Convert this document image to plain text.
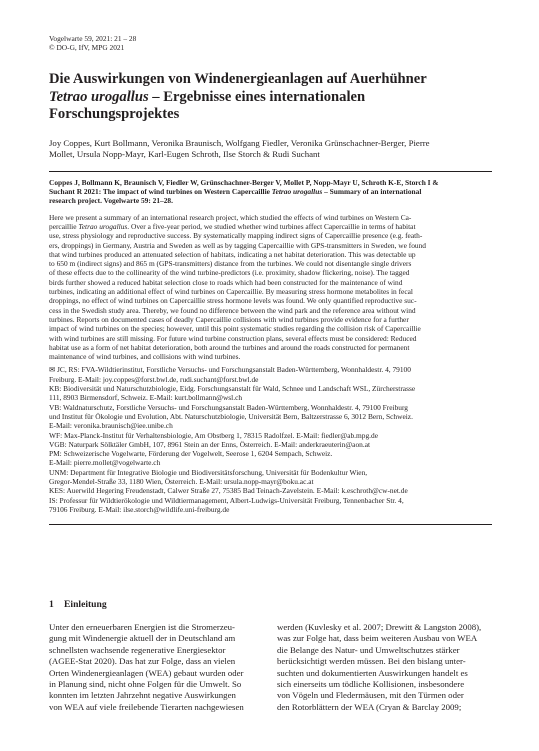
Vogelwarte 59, 2021: 21 – 28
© DO-G, IfV, MPG 2021
Die Auswirkungen von Windenergieanlagen auf Auerhühner
Tetrao urogallus – Ergebnisse eines internationalen
Forschungsprojektes
Joy Coppes, Kurt Bollmann, Veronika Braunisch, Wolfgang Fiedler, Veronika Grünschachner-Berger, Pierre
Mollet, Ursula Nopp-Mayr, Karl-Eugen Schroth, Ilse Storch & Rudi Suchant
Coppes J, Bollmann K, Braunisch V, Fiedler W, Grünschachner-Berger V, Mollet P, Nopp-Mayr U, Schroth K-E, Storch I &
Suchant R 2021: The impact of wind turbines on Western Capercaillie Tetrao urogallus – Summary of an international
research project. Vogelwarte 59: 21–28.
Here we present a summary of an international research project, which studied the effects of wind turbines on Western Ca-
percaillie Tetrao urogallus. Over a five-year period, we studied whether wind turbines affect Capercaillie in terms of habitat
use, stress physiology and reproductive success. By systematically mapping indirect signs of Capercaillie presence (e.g. feath-
ers, droppings) in Germany, Austria and Sweden as well as by tagging Capercaillie with GPS-transmitters in Sweden, we found
that wind turbines produced an attenuated selection of habitats, indicating a net habitat deterioration. This was detectable up
to 650 m (indirect signs) and 865 m (GPS-transmitters) distance from the turbines. We could not disentangle single drivers
of these effects due to the collinearity of the wind turbine-predictors (i.e. proximity, shadow flickering, noise). The tagged
birds further showed a reduced habitat selection close to roads which had been constructed for the maintenance of wind
turbines, indicating an additional effect of wind turbines on Capercaillie. By measuring stress hormone metabolites in fecal
droppings, no effect of wind turbines on Capercaillie stress hormone levels was found. We only quantified reproductive suc-
cess in the Swedish study area. Thereby, we found no difference between the wind park and the reference area without wind
turbines. Reports on documented cases of deadly Capercaillie collisions with wind turbines provide evidence for a further
impact of wind turbines on the species; however, until this point systematic studies regarding the collision risk of Capercaillie
with wind turbines are still missing. For future wind turbine construction plans, several effects must be considered: Reduced
habitat use as a form of net habitat deterioration, both around the turbines and around the roads constructed for permanent
maintenance of wind turbines, and collisions with wind turbines.
✉ JC, RS: FVA-Wildtierinstitut, Forstliche Versuchs- und Forschungsanstalt Baden-Württemberg, Wonnhaldestr. 4, 79100
Freiburg. E-Mail: joy.coppes@forst.bwl.de, rudi.suchant@forst.bwl.de
KB: Biodiversität und Naturschutzbiologie, Eidg. Forschungsanstalt für Wald, Schnee und Landschaft WSL, Zürcherstrasse
111, 8903 Birmensdorf, Schweiz. E-Mail: kurt.bollmann@wsl.ch
VB: Waldnaturschutz, Forstliche Versuchs- und Forschungsanstalt Baden-Württemberg, Wonnhaldestr. 4, 79100 Freiburg
und Institut für Ökologie und Evolution, Abt. Naturschutzbiologie, Universität Bern, Baltzerstrasse 6, 3012 Bern, Schweiz.
E-Mail: veronika.braunisch@iee.unibe.ch
WF: Max-Planck-Institut für Verhaltensbiologie, Am Obstberg 1, 78315 Radolfzel. E-Mail: fiedler@ab.mpg.de
VGB: Naturpark Sölktäler GmbH, 107, 8961 Stein an der Enns, Österreich. E-Mail: anderkraeuterin@aon.at
PM: Schweizerische Vogelwarte, Förderung der Vogelwelt, Seerose 1, 6204 Sempach, Schweiz.
E-Mail: pierre.mollet@vogelwarte.ch
UNM: Department für Integrative Biologie und Biodiversitätsforschung, Universität für Bodenkultur Wien,
Gregor-Mendel-Straße 33, 1180 Wien, Österreich. E-Mail: ursula.nopp-mayr@boku.ac.at
KES: Auerwild Hegering Freudenstadt, Calwer Straße 27, 75385 Bad Teinach-Zavelstein. E-Mail: k.eschroth@cw-net.de
IS: Professur für Wildtierökologie und Wildtiermanagement, Albert-Ludwigs-Universität Freiburg, Tennenbacher Str. 4,
79106 Freiburg. E-Mail: ilse.storch@wildlife.uni-freiburg.de
1 Einleitung
Unter den erneuerbaren Energien ist die Stromerzeu-
gung mit Windenergie aktuell der in Deutschland am
schnellsten wachsende regenerative Energiesektor
(AGEE-Stat 2020). Das hat zur Folge, dass an vielen
Orten Windenergieanlagen (WEA) gebaut wurden oder
in Planung sind, nicht ohne Folgen für die Umwelt. So
konnten im letzten Jahrzehnt negative Auswirkungen
von WEA auf viele freilebende Tierarten nachgewiesen
werden (Kuvlesky et al. 2007; Drewitt & Langston 2008),
was zur Folge hat, dass beim weiteren Ausbau von WEA
die Belange des Natur- und Umweltschutzes stärker
berücksichtigt werden müssen. Bei den bislang unter-
suchten und dokumentierten Auswirkungen handelt es
sich einerseits um tödliche Kollisionen, insbesondere
von Vögeln und Fledermäusen, mit den Türmen oder
den Rotorblättern der WEA (Cryan & Barclay 2009;
